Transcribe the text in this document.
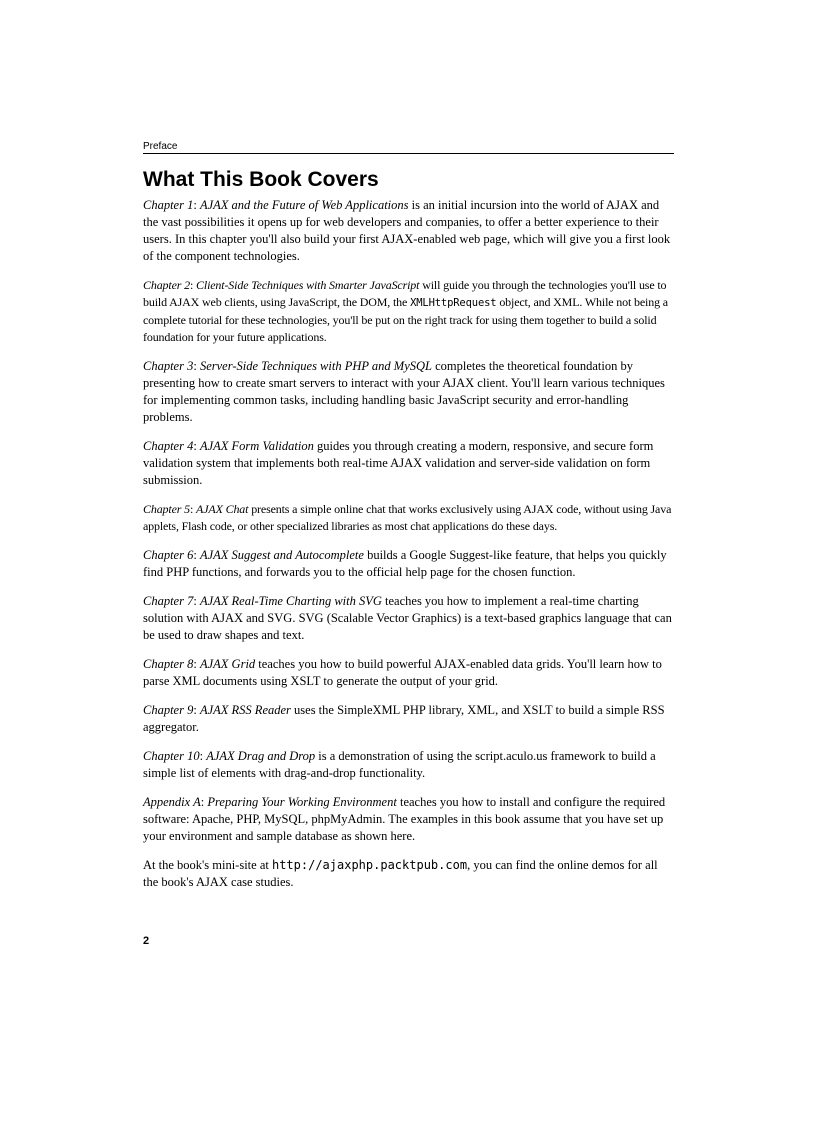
Preface
What This Book Covers

Chapter 1: AJAX and the Future of Web Applications is an initial incursion into the world of AJAX and the vast possibilities it opens up for web developers and companies, to offer a better experience to their users. In this chapter you'll also build your first AJAX-enabled web page, which will give you a first look of the component technologies.

Chapter 2: Client-Side Techniques with Smarter JavaScript will guide you through the technologies you'll use to build AJAX web clients, using JavaScript, the DOM, the XMLHttpRequest object, and XML. While not being a complete tutorial for these technologies, you'll be put on the right track for using them together to build a solid foundation for your future applications.

Chapter 3: Server-Side Techniques with PHP and MySQL completes the theoretical foundation by presenting how to create smart servers to interact with your AJAX client. You'll learn various techniques for implementing common tasks, including handling basic JavaScript security and error-handling problems.

Chapter 4: AJAX Form Validation guides you through creating a modern, responsive, and secure form validation system that implements both real-time AJAX validation and server-side validation on form submission.

Chapter 5: AJAX Chat presents a simple online chat that works exclusively using AJAX code, without using Java applets, Flash code, or other specialized libraries as most chat applications do these days.

Chapter 6: AJAX Suggest and Autocomplete builds a Google Suggest-like feature, that helps you quickly find PHP functions, and forwards you to the official help page for the chosen function.

Chapter 7: AJAX Real-Time Charting with SVG teaches you how to implement a real-time charting solution with AJAX and SVG. SVG (Scalable Vector Graphics) is a text-based graphics language that can be used to draw shapes and text.

Chapter 8: AJAX Grid teaches you how to build powerful AJAX-enabled data grids. You'll learn how to parse XML documents using XSLT to generate the output of your grid.

Chapter 9: AJAX RSS Reader uses the SimpleXML PHP library, XML, and XSLT to build a simple RSS aggregator.

Chapter 10: AJAX Drag and Drop is a demonstration of using the script.aculo.us framework to build a simple list of elements with drag-and-drop functionality.

Appendix A: Preparing Your Working Environment teaches you how to install and configure the required software: Apache, PHP, MySQL, phpMyAdmin. The examples in this book assume that you have set up your environment and sample database as shown here.

At the book's mini-site at http://ajaxphp.packtpub.com, you can find the online demos for all the book's AJAX case studies.

2
